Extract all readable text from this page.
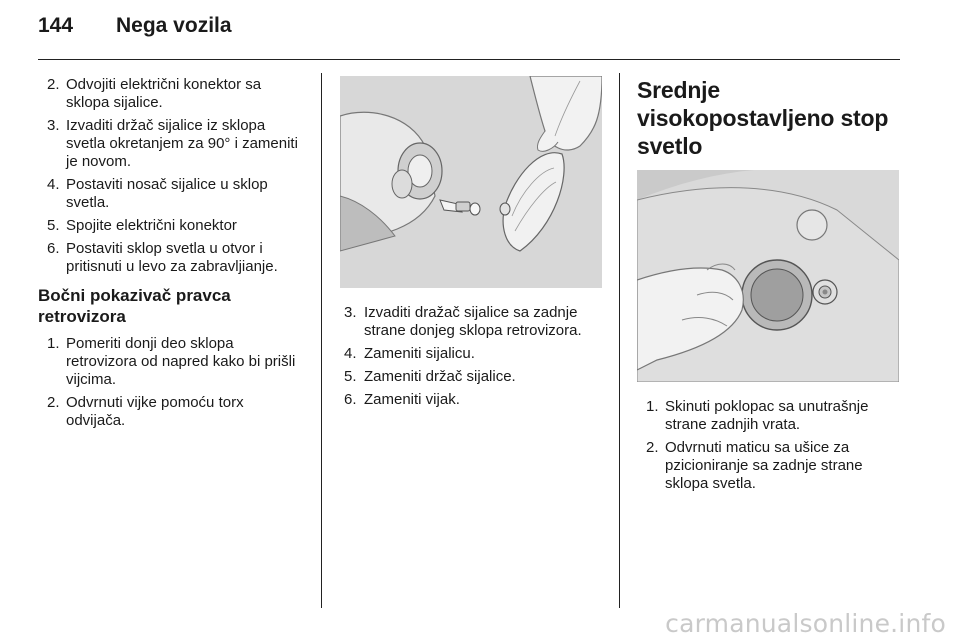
144	Nega vozila
2. Odvojiti električni konektor sa sklopa sijalice.
3. Izvaditi držač sijalice iz sklopa svetla okretanjem za 90° i zameniti je novom.
4. Postaviti nosač sijalice u sklop svetla.
5. Spojite električni konektor
6. Postaviti sklop svetla u otvor i pritisnuti u levo za zabravljianje.
Bočni pokazivač pravca retrovizora
1. Pomeriti donji deo sklopa retrovizora od napred kako bi prišli vijcima.
2. Odvrnuti vijke pomoću torx odvijača.
3. Izvaditi dražač sijalice sa zadnje strane donjeg sklopa retrovizora.
4. Zameniti sijalicu.
5. Zameniti držač sijalice.
6. Zameniti vijak.
Srednje visokopostavljeno stop svetlo
1. Skinuti poklopac sa unutrašnje strane zadnjih vrata.
2. Odvrnuti maticu sa ušice za pzicioniranje sa zadnje strane sklopa svetla.
carmanualsonline.info
